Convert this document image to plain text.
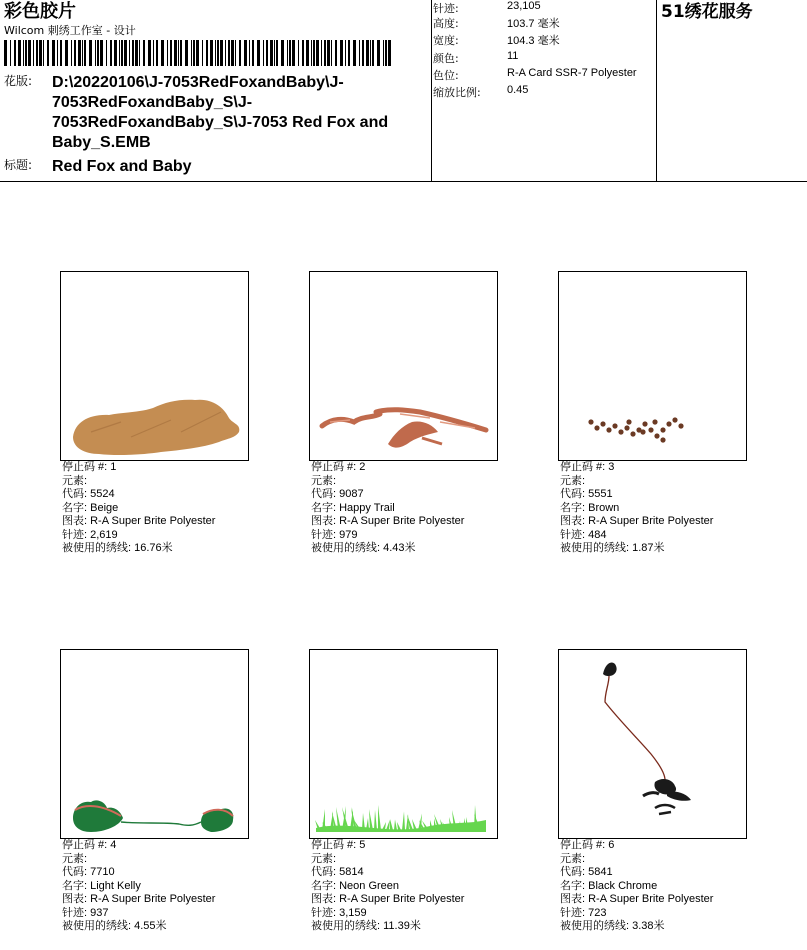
彩色胶片
Wilcom 刺绣工作室 - 设计
花版: D:\20220106\J-7053RedFoxandBaby\J-7053RedFoxandBaby_S\J-7053RedFoxandBaby_S\J-7053 Red Fox and Baby_S.EMB
标题: Red Fox and Baby
针迹:	23,105
高度:	103.7 毫米
宽度:	104.3 毫米
颜色:	11
色位:	R-A Card SSR-7 Polyester
缩放比例: 0.45
51绣花服务
停止码 #: 1
元素:
代码: 5524
名字: Beige
图表: R-A Super Brite Polyester
针迹: 2,619
被使用的绣线: 16.76米
停止码 #: 2
元素:
代码: 9087
名字: Happy Trail
图表: R-A Super Brite Polyester
针迹: 979
被使用的绣线: 4.43米
停止码 #: 3
元素:
代码: 5551
名字: Brown
图表: R-A Super Brite Polyester
针迹: 484
被使用的绣线: 1.87米
停止码 #: 4
元素:
代码: 7710
名字: Light Kelly
图表: R-A Super Brite Polyester
针迹: 937
被使用的绣线: 4.55米
停止码 #: 5
元素:
代码: 5814
名字: Neon Green
图表: R-A Super Brite Polyester
针迹: 3,159
被使用的绣线: 11.39米
停止码 #: 6
元素:
代码: 5841
名字: Black Chrome
图表: R-A Super Brite Polyester
针迹: 723
被使用的绣线: 3.38米
